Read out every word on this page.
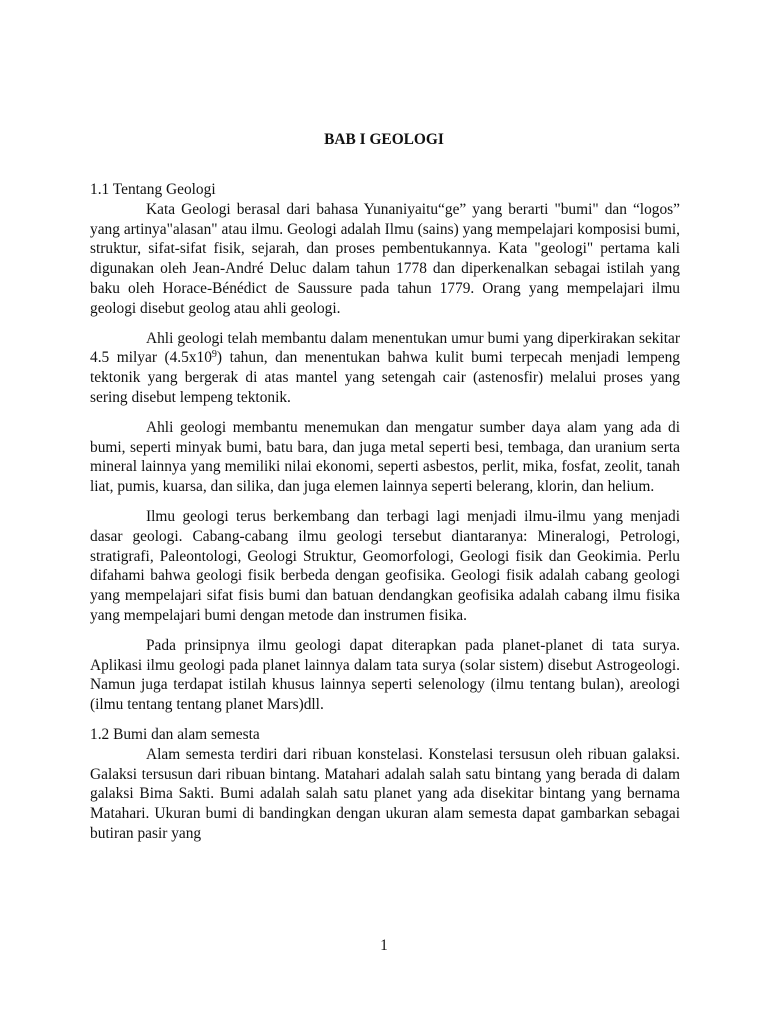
BAB I GEOLOGI

1.1 Tentang Geologi

Kata Geologi berasal dari bahasa Yunaniyaitu“ge” yang berarti "bumi" dan “logos” yang artinya"alasan" atau ilmu. Geologi adalah Ilmu (sains) yang mempelajari komposisi bumi, struktur, sifat-sifat fisik, sejarah, dan proses pembentukannya. Kata "geologi" pertama kali digunakan oleh Jean-André Deluc dalam tahun 1778 dan diperkenalkan sebagai istilah yang baku oleh Horace-Bénédict de Saussure pada tahun 1779. Orang yang mempelajari ilmu geologi disebut geolog atau ahli geologi.

Ahli geologi telah membantu dalam menentukan umur bumi yang diperkirakan sekitar 4.5 milyar $(4.5x10^9)$ tahun, dan menentukan bahwa kulit bumi terpecah menjadi lempeng tektonik yang bergerak di atas mantel yang setengah cair (astenosfir) melalui proses yang sering disebut lempeng tektonik.

Ahli geologi membantu menemukan dan mengatur sumber daya alam yang ada di bumi, seperti minyak bumi, batu bara, dan juga metal seperti besi, tembaga, dan uranium serta mineral lainnya yang memiliki nilai ekonomi, seperti asbestos, perlit, mika, fosfat, zeolit, tanah liat, pumis, kuarsa, dan silika, dan juga elemen lainnya seperti belerang, klorin, dan helium.

Ilmu geologi terus berkembang dan terbagi lagi menjadi ilmu-ilmu yang menjadi dasar geologi. Cabang-cabang ilmu geologi tersebut diantaranya: Mineralogi, Petrologi, stratigrafi, Paleontologi, Geologi Struktur, Geomorfologi, Geologi fisik dan Geokimia. Perlu difahami bahwa geologi fisik berbeda dengan geofisika. Geologi fisik adalah cabang geologi yang mempelajari sifat fisis bumi dan batuan dendangkan geofisika adalah cabang ilmu fisika yang mempelajari bumi dengan metode dan instrumen fisika.

Pada prinsipnya ilmu geologi dapat diterapkan pada planet-planet di tata surya. Aplikasi ilmu geologi pada planet lainnya dalam tata surya (solar sistem) disebut Astrogeologi. Namun juga terdapat istilah khusus lainnya seperti selenology (ilmu tentang bulan), areologi (ilmu tentang tentang planet Mars)dll.

1.2 Bumi dan alam semesta

Alam semesta terdiri dari ribuan konstelasi. Konstelasi tersusun oleh ribuan galaksi. Galaksi tersusun dari ribuan bintang. Matahari adalah salah satu bintang yang berada di dalam galaksi Bima Sakti. Bumi adalah salah satu planet yang ada disekitar bintang yang bernama Matahari. Ukuran bumi di bandingkan dengan ukuran alam semesta dapat gambarkan sebagai butiran pasir yang

1
